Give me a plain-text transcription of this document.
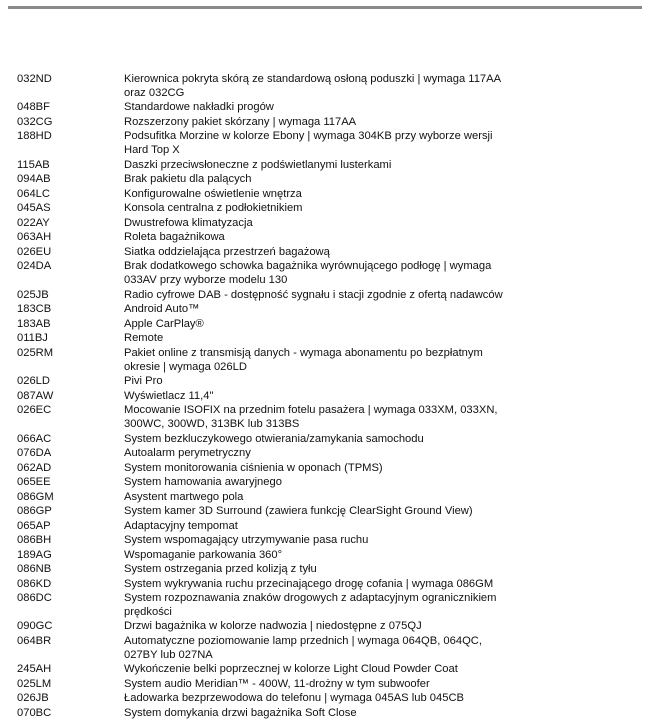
032ND	Kierownica pokryta skórą ze standardową osłoną poduszki | wymaga 117AA oraz 032CG
048BF	Standardowe nakładki progów
032CG	Rozszerzony pakiet skórzany | wymaga 117AA
188HD	Podsufitka Morzine w kolorze Ebony | wymaga 304KB przy wyborze wersji Hard Top X
115AB	Daszki przeciwsłoneczne z podświetlanymi lusterkami
094AB	Brak pakietu dla palących
064LC	Konfigurowalne oświetlenie wnętrza
045AS	Konsola centralna z podłokietnikiem
022AY	Dwustrefowa klimatyzacja
063AH	Roleta bagażnikowa
026EU	Siatka oddzielająca przestrzeń bagażową
024DA	Brak dodatkowego schowka bagażnika wyrównującego podłogę | wymaga 033AV przy wyborze modelu 130
025JB	Radio cyfrowe DAB - dostępność sygnału i stacji zgodnie z ofertą nadawców
183CB	Android Auto™
183AB	Apple CarPlay®
011BJ	Remote
025RM	Pakiet online z transmisją danych - wymaga abonamentu po bezpłatnym okresie | wymaga 026LD
026LD	Pivi Pro
087AW	Wyświetlacz 11,4"
026EC	Mocowanie ISOFIX na przednim fotelu pasażera | wymaga 033XM, 033XN, 300WC, 300WD, 313BK lub 313BS
066AC	System bezkluczykowego otwierania/zamykania samochodu
076DA	Autoalarm perymetryczny
062AD	System monitorowania ciśnienia w oponach (TPMS)
065EE	System hamowania awaryjnego
086GM	Asystent martwego pola
086GP	System kamer 3D Surround (zawiera funkcję ClearSight Ground View)
065AP	Adaptacyjny tempomat
086BH	System wspomagający utrzymywanie pasa ruchu
189AG	Wspomaganie parkowania 360°
086NB	System ostrzegania przed kolizją z tyłu
086KD	System wykrywania ruchu przecinającego drogę cofania | wymaga 086GM
086DC	System rozpoznawania znaków drogowych z adaptacyjnym ogranicznikiem prędkości
090GC	Drzwi bagażnika w kolorze nadwozia | niedostępne z 075QJ
064BR	Automatyczne poziomowanie lamp przednich | wymaga 064QB, 064QC, 027BY lub 027NA
245AH	Wykończenie belki poprzecznej w kolorze Light Cloud Powder Coat
025LM	System audio Meridian™ - 400W, 11-drożny w tym subwoofer
026JB	Ładowarka bezprzewodowa do telefonu | wymaga 045AS lub 045CB
070BC	System domykania drzwi bagażnika Soft Close
